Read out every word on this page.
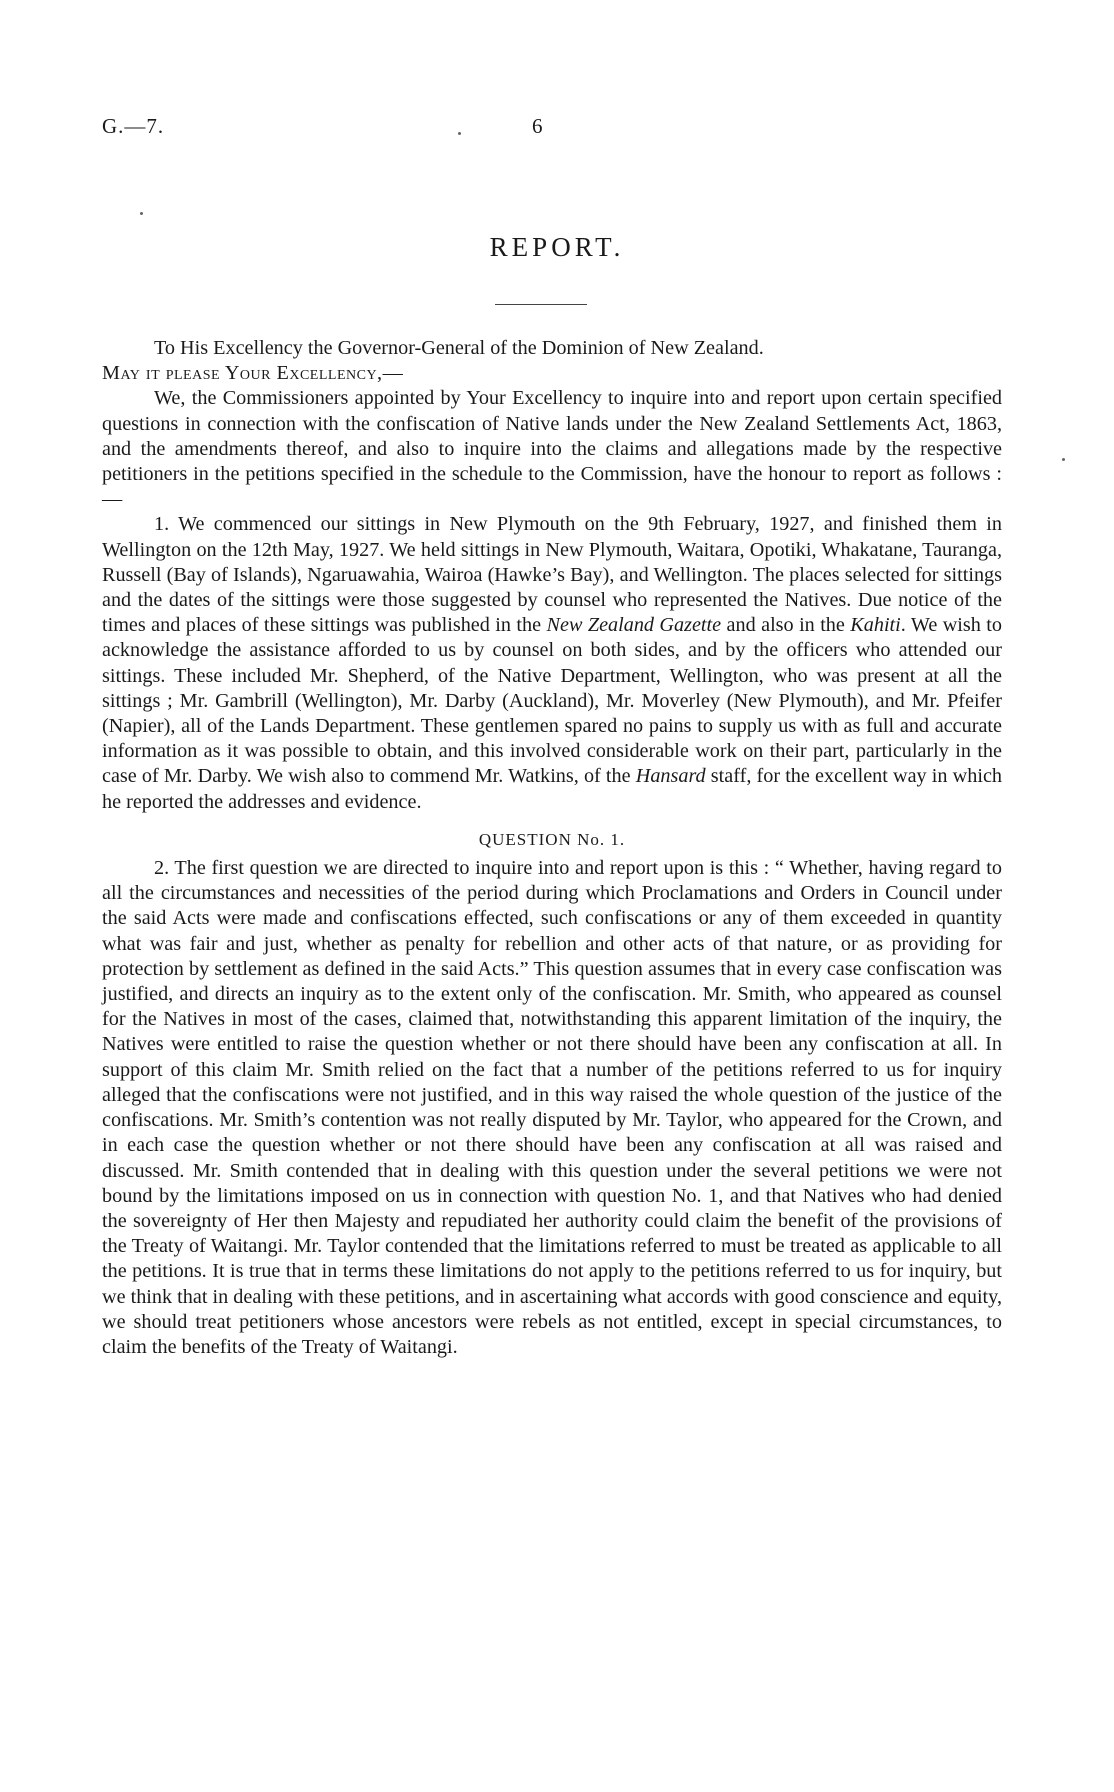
G.—7.	6
REPORT.

To His Excellency the Governor-General of the Dominion of New Zealand.

May it please Your Excellency,—

We, the Commissioners appointed by Your Excellency to inquire into and report upon certain specified questions in connection with the confiscation of Native lands under the New Zealand Settlements Act, 1863, and the amendments thereof, and also to inquire into the claims and allegations made by the respective petitioners in the petitions specified in the schedule to the Commission, have the honour to report as follows :—

1. We commenced our sittings in New Plymouth on the 9th February, 1927, and finished them in Wellington on the 12th May, 1927. We held sittings in New Plymouth, Waitara, Opotiki, Whakatane, Tauranga, Russell (Bay of Islands), Ngaruawahia, Wairoa (Hawke’s Bay), and Wellington. The places selected for sittings and the dates of the sittings were those suggested by counsel who represented the Natives. Due notice of the times and places of these sittings was published in the New Zealand Gazette and also in the Kahiti. We wish to acknowledge the assistance afforded to us by counsel on both sides, and by the officers who attended our sittings. These included Mr. Shepherd, of the Native Department, Wellington, who was present at all the sittings ; Mr. Gambrill (Wellington), Mr. Darby (Auckland), Mr. Moverley (New Plymouth), and Mr. Pfeifer (Napier), all of the Lands Department. These gentlemen spared no pains to supply us with as full and accurate information as it was possible to obtain, and this involved considerable work on their part, particularly in the case of Mr. Darby. We wish also to commend Mr. Watkins, of the Hansard staff, for the excellent way in which he reported the addresses and evidence.

QUESTION No. 1.

2. The first question we are directed to inquire into and report upon is this : “ Whether, having regard to all the circumstances and necessities of the period during which Proclamations and Orders in Council under the said Acts were made and confiscations effected, such confiscations or any of them exceeded in quantity what was fair and just, whether as penalty for rebellion and other acts of that nature, or as providing for protection by settlement as defined in the said Acts.” This question assumes that in every case confiscation was justified, and directs an inquiry as to the extent only of the confiscation. Mr. Smith, who appeared as counsel for the Natives in most of the cases, claimed that, notwithstanding this apparent limitation of the inquiry, the Natives were entitled to raise the question whether or not there should have been any confiscation at all. In support of this claim Mr. Smith relied on the fact that a number of the petitions referred to us for inquiry alleged that the confiscations were not justified, and in this way raised the whole question of the justice of the confiscations. Mr. Smith’s contention was not really disputed by Mr. Taylor, who appeared for the Crown, and in each case the question whether or not there should have been any confiscation at all was raised and discussed. Mr. Smith contended that in dealing with this question under the several petitions we were not bound by the limitations imposed on us in connection with question No. 1, and that Natives who had denied the sovereignty of Her then Majesty and repudiated her authority could claim the benefit of the provisions of the Treaty of Waitangi. Mr. Taylor contended that the limitations referred to must be treated as applicable to all the petitions. It is true that in terms these limitations do not apply to the petitions referred to us for inquiry, but we think that in dealing with these petitions, and in ascertaining what accords with good conscience and equity, we should treat petitioners whose ancestors were rebels as not entitled, except in special circumstances, to claim the benefits of the Treaty of Waitangi.
